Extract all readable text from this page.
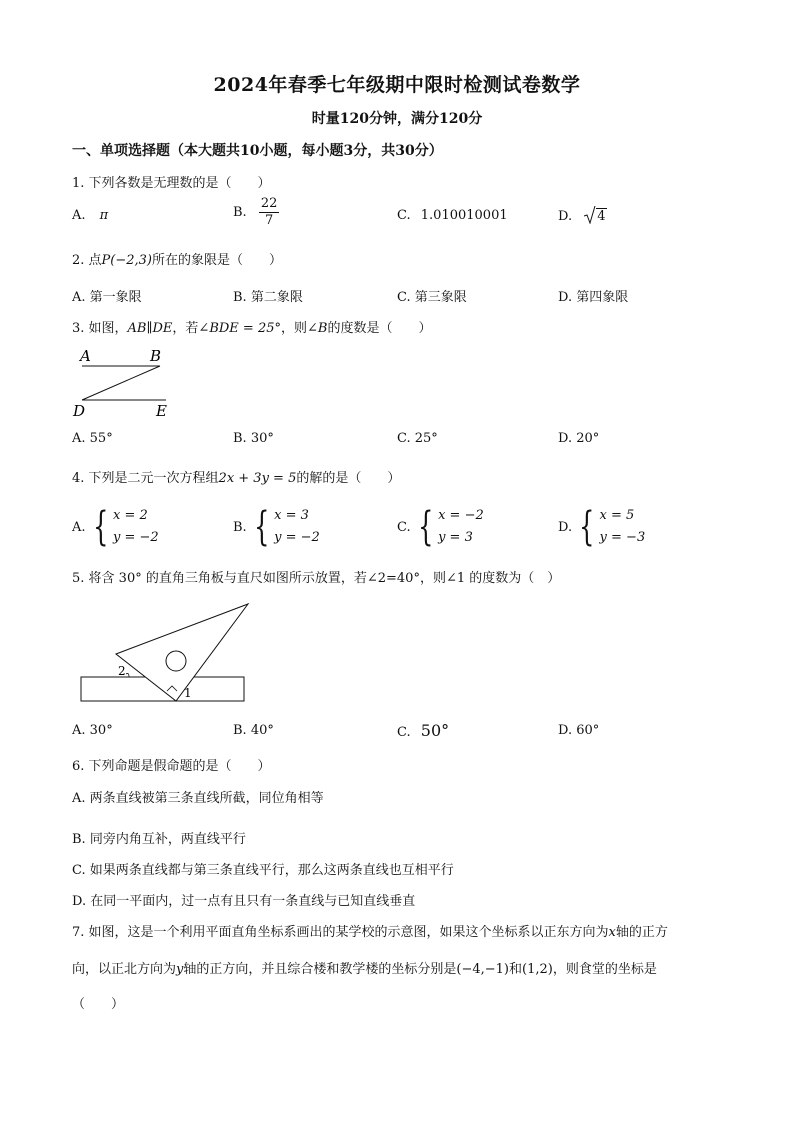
2024年春季七年级期中限时检测试卷数学
时量120分钟，满分120分
一、单项选择题（本大题共10小题，每小题3分，共30分）
1. 下列各数是无理数的是（　　）
A. π	B. $\frac{22}{7}$	C. 1.010010001	D. 4
2. 点P(−2,3)所在的象限是（　　）
A. 第一象限	B. 第二象限	C. 第三象限	D. 第四象限
3. 如图，AB∥DE，若∠BDE = 25°，则∠B的度数是（　　）
A	B
D	E
A. 55°	B. 30°	C. 25°	D. 20°
4. 下列是二元一次方程组2x + 3y = 5的解的是（　　）
A. { x = 2
y = −2
B. { x = 3
y = −2
C. { x = −2
y = 3
D. { x = 5
y = −3
5. 将含 30° 的直角三角板与直尺如图所示放置，若∠2=40°，则∠1 的度数为（　）
2
1
A. 30°	B. 40°	C. 50°	D. 60°
6. 下列命题是假命题的是（　　）
A. 两条直线被第三条直线所截，同位角相等
B. 同旁内角互补，两直线平行
C. 如果两条直线都与第三条直线平行，那么这两条直线也互相平行
D. 在同一平面内，过一点有且只有一条直线与已知直线垂直
7. 如图，这是一个利用平面直角坐标系画出的某学校的示意图，如果这个坐标系以正东方向为x轴的正方
向，以正北方向为y轴的正方向，并且综合楼和教学楼的坐标分别是(−4,−1)和(1,2)，则食堂的坐标是
（　　）
